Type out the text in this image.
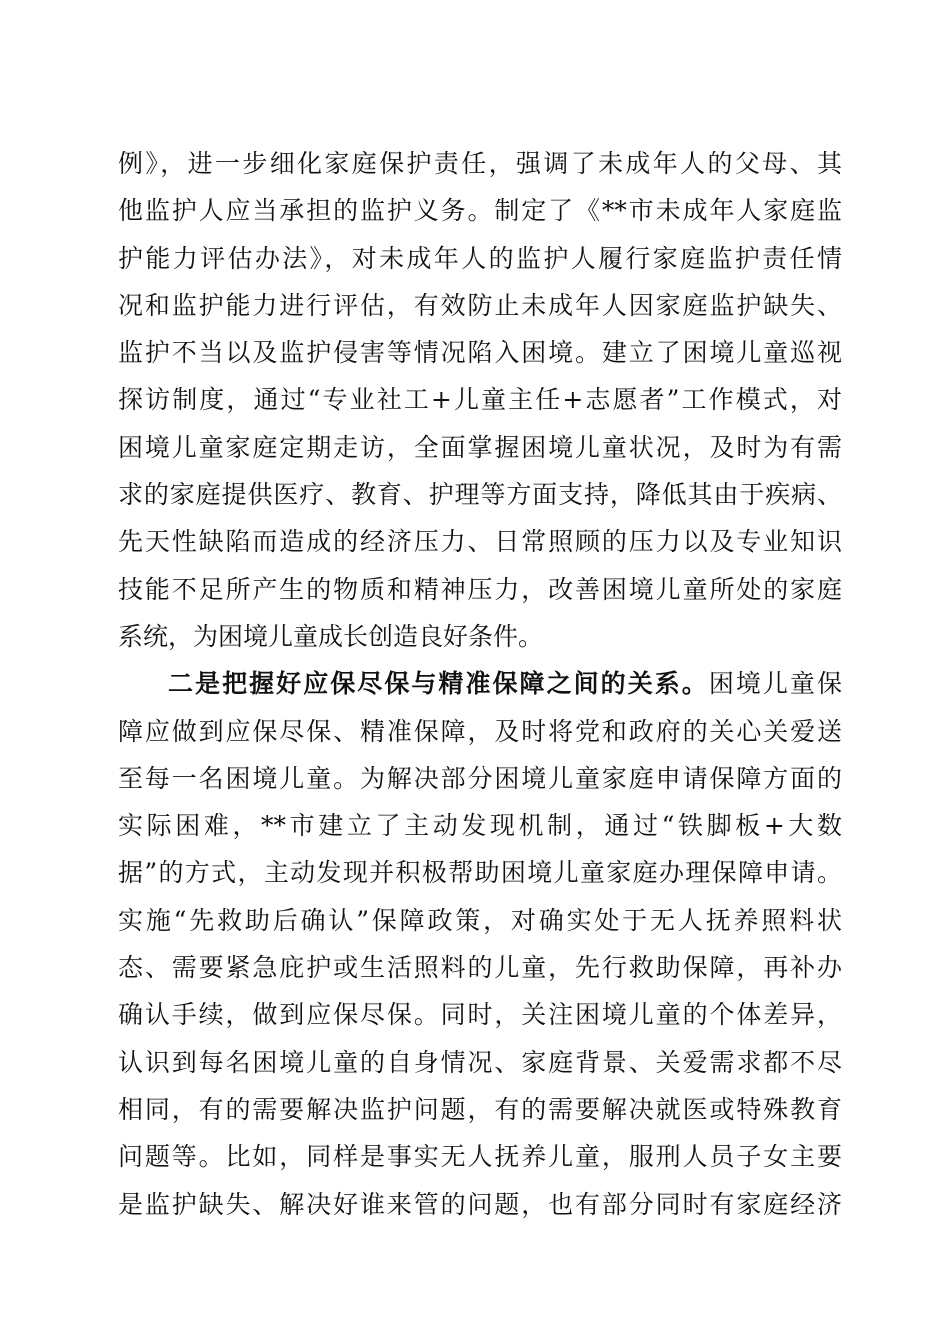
例》，进一步细化家庭保护责任，强调了未成年人的父母、其
他监护人应当承担的监护义务。制定了《**市未成年人家庭监
护能力评估办法》，对未成年人的监护人履行家庭监护责任情
况和监护能力进行评估，有效防止未成年人因家庭监护缺失、
监护不当以及监护侵害等情况陷入困境。建立了困境儿童巡视
探访制度，通过“专业社工+儿童主任+志愿者”工作模式，对
困境儿童家庭定期走访，全面掌握困境儿童状况，及时为有需
求的家庭提供医疗、教育、护理等方面支持，降低其由于疾病、
先天性缺陷而造成的经济压力、日常照顾的压力以及专业知识
技能不足所产生的物质和精神压力，改善困境儿童所处的家庭
系统，为困境儿童成长创造良好条件。
二是把握好应保尽保与精准保障之间的关系。困境儿童保
障应做到应保尽保、精准保障，及时将党和政府的关心关爱送
至每一名困境儿童。为解决部分困境儿童家庭申请保障方面的
实际困难，**市建立了主动发现机制，通过“铁脚板+大数
据”的方式，主动发现并积极帮助困境儿童家庭办理保障申请。
实施“先救助后确认”保障政策，对确实处于无人抚养照料状
态、需要紧急庇护或生活照料的儿童，先行救助保障，再补办
确认手续，做到应保尽保。同时，关注困境儿童的个体差异，
认识到每名困境儿童的自身情况、家庭背景、关爱需求都不尽
相同，有的需要解决监护问题，有的需要解决就医或特殊教育
问题等。比如，同样是事实无人抚养儿童，服刑人员子女主要
是监护缺失、解决好谁来管的问题，也有部分同时有家庭经济
